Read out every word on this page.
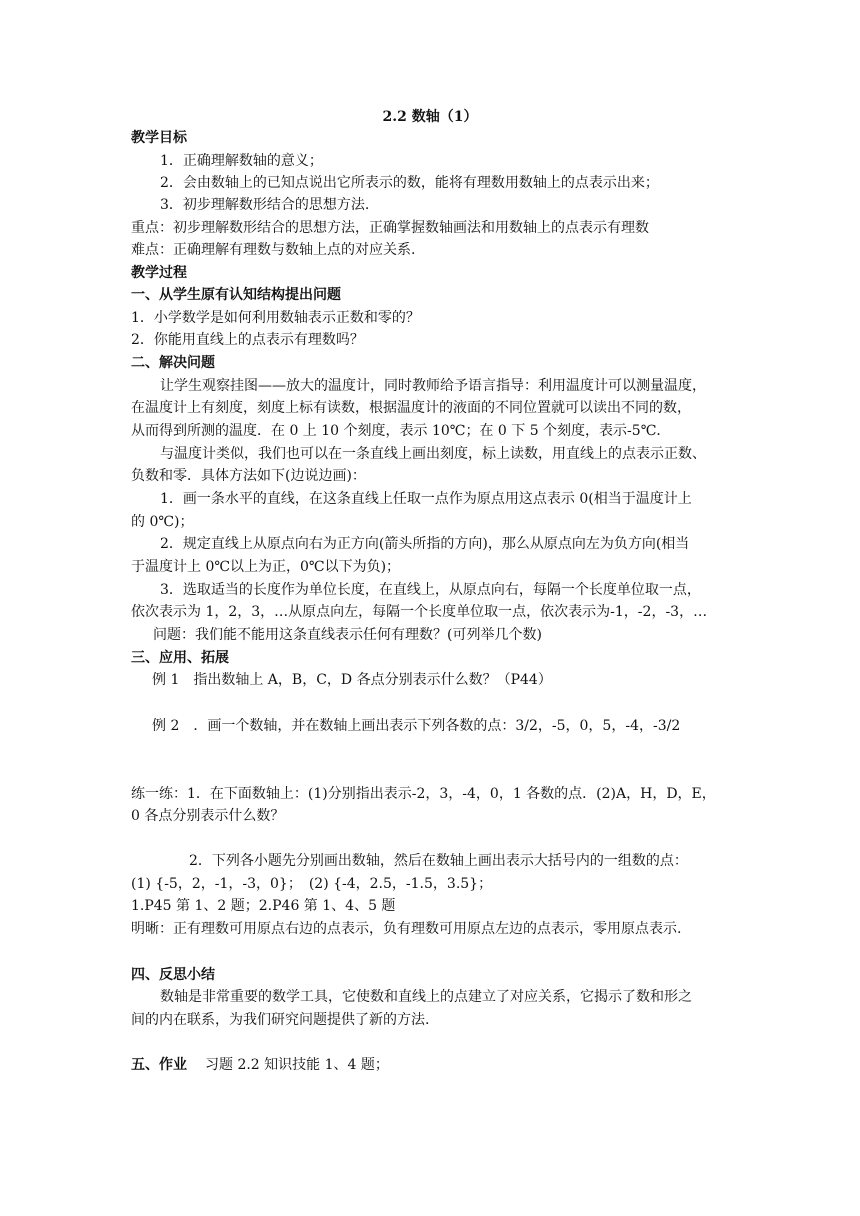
2.2 数轴（1）
教学目标
1．正确理解数轴的意义；
2．会由数轴上的已知点说出它所表示的数，能将有理数用数轴上的点表示出来；
3．初步理解数形结合的思想方法.
重点：初步理解数形结合的思想方法，正确掌握数轴画法和用数轴上的点表示有理数
难点：正确理解有理数与数轴上点的对应关系.
教学过程
一、从学生原有认知结构提出问题
1．小学数学是如何利用数轴表示正数和零的？
2．你能用直线上的点表示有理数吗？
二、解决问题
让学生观察挂图——放大的温度计，同时教师给予语言指导：利用温度计可以测量温度，
在温度计上有刻度，刻度上标有读数，根据温度计的液面的不同位置就可以读出不同的数，
从而得到所测的温度．在 0 上 10 个刻度，表示 10℃；在 0 下 5 个刻度，表示-5℃．
与温度计类似，我们也可以在一条直线上画出刻度，标上读数，用直线上的点表示正数、
负数和零．具体方法如下(边说边画)：
1．画一条水平的直线，在这条直线上任取一点作为原点用这点表示 0(相当于温度计上
的 0℃)；
2．规定直线上从原点向右为正方向(箭头所指的方向)，那么从原点向左为负方向(相当
于温度计上 0℃以上为正，0℃以下为负)；
3．选取适当的长度作为单位长度，在直线上，从原点向右，每隔一个长度单位取一点，
依次表示为 1，2，3，…从原点向左，每隔一个长度单位取一点，依次表示为-1，-2，-3，…
问题：我们能不能用这条直线表示任何有理数？(可列举几个数)
三、应用、拓展
例 1　指出数轴上 A，B，C，D 各点分别表示什么数？（P44）
例 2　．画一个数轴，并在数轴上画出表示下列各数的点：3/2，-5，0，5，-4，-3/2
练一练：1．在下面数轴上：(1)分别指出表示-2，3，-4，0，1 各数的点．(2)A，H，D，E，
0 各点分别表示什么数？
2．下列各小题先分别画出数轴，然后在数轴上画出表示大括号内的一组数的点：
(1) {-5，2，-1，-3，0}；　(2) {-4，2.5，-1.5，3.5}；
1.P45 第 1、2 题；2.P46 第 1、4、5 题
明晰：正有理数可用原点右边的点表示，负有理数可用原点左边的点表示，零用原点表示.
四、反思小结
数轴是非常重要的数学工具，它使数和直线上的点建立了对应关系，它揭示了数和形之
间的内在联系，为我们研究问题提供了新的方法.
五、作业 习题 2.2 知识技能 1、4 题；
